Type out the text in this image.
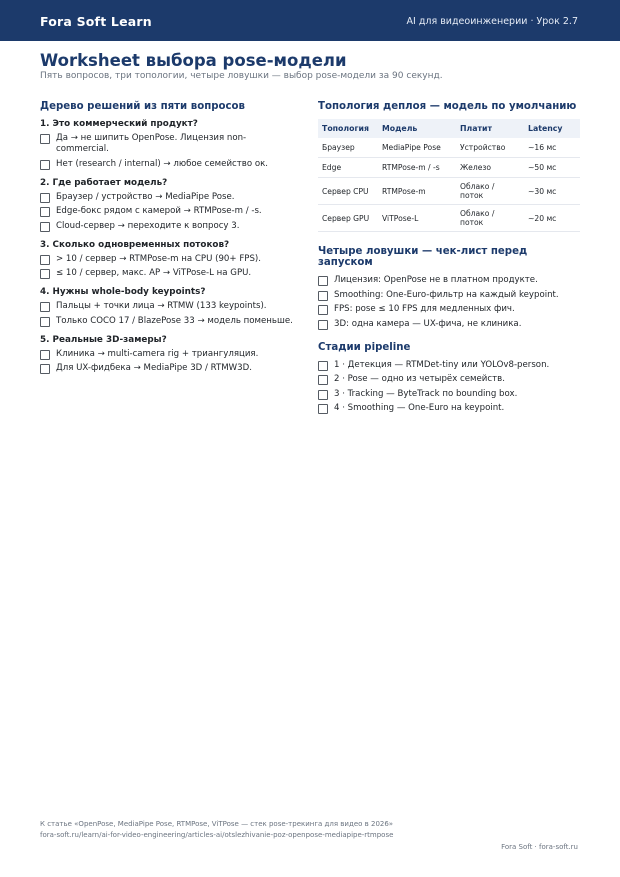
Fora Soft Learn	AI для видеоинженерии · Урок 2.7
Worksheet выбора pose-модели
Пять вопросов, три топологии, четыре ловушки — выбор pose-модели за 90 секунд.
Дерево решений из пяти вопросов
1. Это коммерческий продукт?
Да → не шипить OpenPose. Лицензия non-commercial.
Нет (research / internal) → любое семейство ок.
2. Где работает модель?
Браузер / устройство → MediaPipe Pose.
Edge-бокс рядом с камерой → RTMPose-m / -s.
Cloud-сервер → переходите к вопросу 3.
3. Сколько одновременных потоков?
> 10 / сервер → RTMPose-m на CPU (90+ FPS).
≤ 10 / сервер, макс. AP → ViTPose-L на GPU.
4. Нужны whole-body keypoints?
Пальцы + точки лица → RTMW (133 keypoints).
Только COCO 17 / BlazePose 33 → модель поменьше.
5. Реальные 3D-замеры?
Клиника → multi-camera rig + триангуляция.
Для UX-фидбека → MediaPipe 3D / RTMW3D.
Топология деплоя — модель по умолчанию
Топология	Модель	Платит	Latency
Браузер	MediaPipe Pose	Устройство	~16 мс
Edge	RTMPose-m / -s	Железо	~50 мс
Сервер CPU	RTMPose-m	Облако / поток	~30 мс
Сервер GPU	ViTPose-L	Облако / поток	~20 мс
Четыре ловушки — чек-лист перед запуском
Лицензия: OpenPose не в платном продукте.
Smoothing: One-Euro-фильтр на каждый keypoint.
FPS: pose ≤ 10 FPS для медленных фич.
3D: одна камера — UX-фича, не клиника.
Стадии pipeline
1 · Детекция — RTMDet-tiny или YOLOv8-person.
2 · Pose — одно из четырёх семейств.
3 · Tracking — ByteTrack по bounding box.
4 · Smoothing — One-Euro на keypoint.
К статье «OpenPose, MediaPipe Pose, RTMPose, ViTPose — стек pose-трекинга для видео в 2026»
fora-soft.ru/learn/ai-for-video-engineering/articles-ai/otslezhivanie-poz-openpose-mediapipe-rtmpose
Fora Soft · fora-soft.ru
